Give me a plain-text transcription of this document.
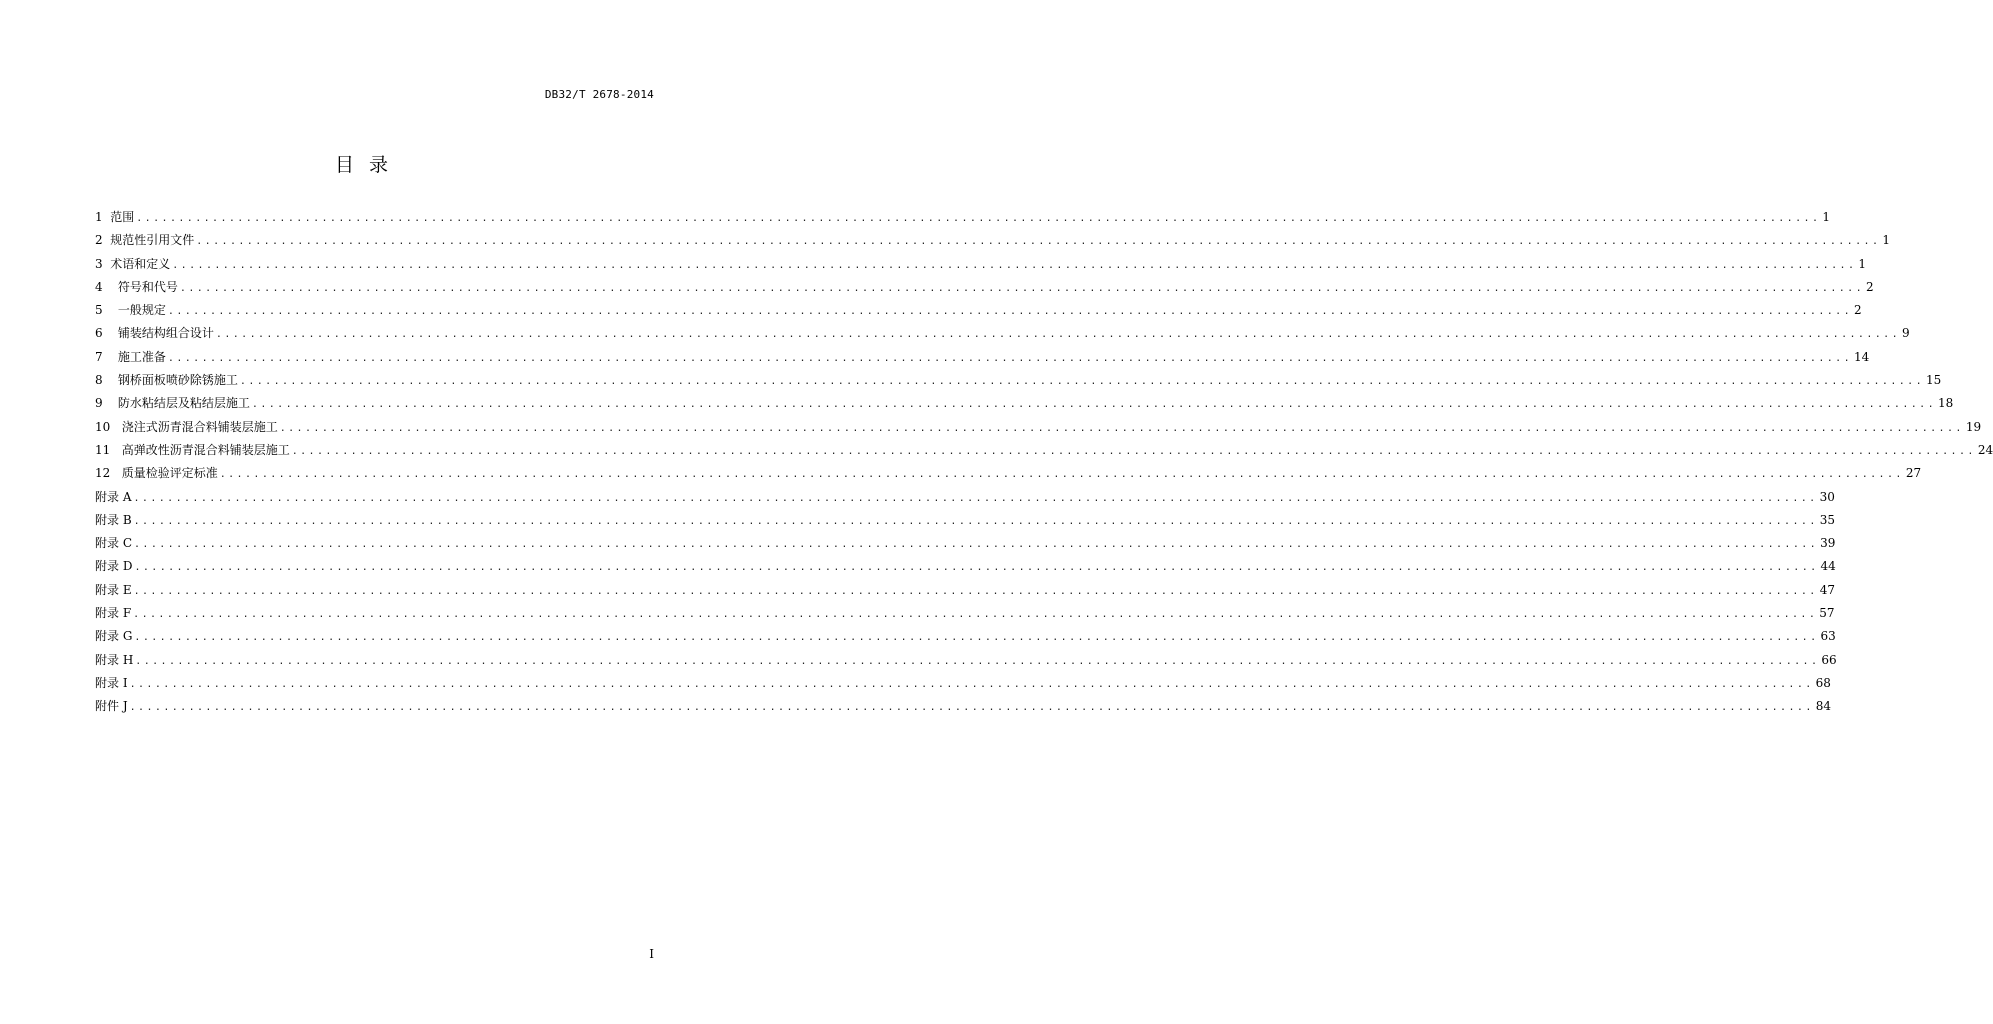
DB32/T 2678-2014
目  录
1  范围 ........................................................................................................................................................................................................ 1
2  规范性引用文件 ........................................................................................................................................................................................................ 1
3  术语和定义 ........................................................................................................................................................................................................ 1
4    符号和代号 ........................................................................................................................................................................................................ 2
5    一般规定 ........................................................................................................................................................................................................ 2
6    铺装结构组合设计 ........................................................................................................................................................................................................ 9
7    施工准备 ........................................................................................................................................................................................................ 14
8    钢桥面板喷砂除锈施工 ........................................................................................................................................................................................................ 15
9    防水粘结层及粘结层施工 ........................................................................................................................................................................................................ 18
10   浇注式沥青混合料铺装层施工 ........................................................................................................................................................................................................ 19
11   高弹改性沥青混合料铺装层施工 ........................................................................................................................................................................................................ 24
12   质量检验评定标准 ........................................................................................................................................................................................................ 27
附录 A ........................................................................................................................................................................................................ 30
附录 B ........................................................................................................................................................................................................ 35
附录 C ........................................................................................................................................................................................................ 39
附录 D ........................................................................................................................................................................................................ 44
附录 E ........................................................................................................................................................................................................ 47
附录 F ........................................................................................................................................................................................................ 57
附录 G ........................................................................................................................................................................................................ 63
附录 H ........................................................................................................................................................................................................ 66
附录 I ........................................................................................................................................................................................................ 68
附件 J ........................................................................................................................................................................................................ 84
I
